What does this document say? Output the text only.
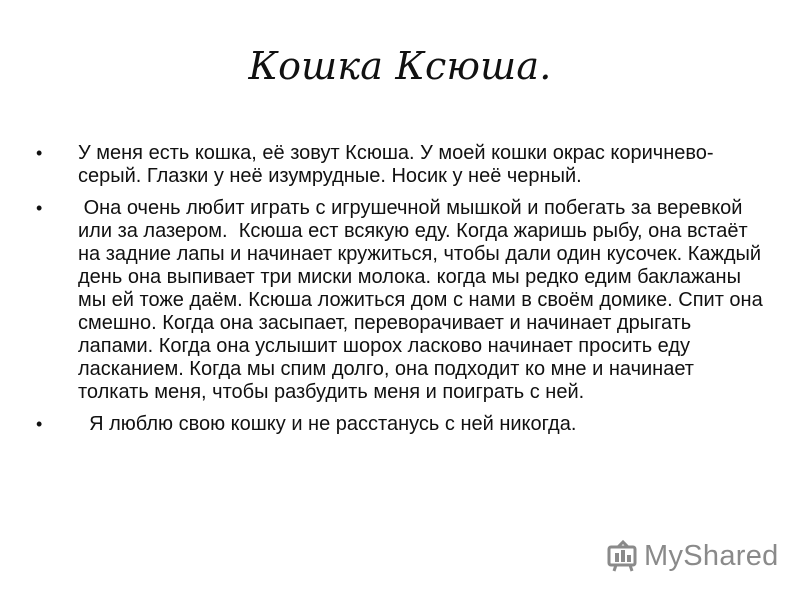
Кошка Ксюша.
• У меня есть кошка, её зовут Ксюша. У моей кошки окрас коричнево-серый. Глазки у неё изумрудные. Носик у неё черный.
• Она очень любит играть с игрушечной мышкой и побегать за веревкой или за лазером.  Ксюша ест всякую еду. Когда жаришь рыбу, она встаёт на задние лапы и начинает кружиться, чтобы дали один кусочек. Каждый день она выпивает три миски молока. когда мы редко едим баклажаны мы ей тоже даём. Ксюша ложиться дом с нами в своём домике. Спит она смешно. Когда она засыпает, переворачивает и начинает дрыгать лапами. Когда она услышит шорох ласково начинает просить еду ласканием. Когда мы спим долго, она подходит ко мне и начинает толкать меня, чтобы разбудить меня и поиграть с ней.
• Я люблю свою кошку и не расстанусь с ней никогда.
MyShared
